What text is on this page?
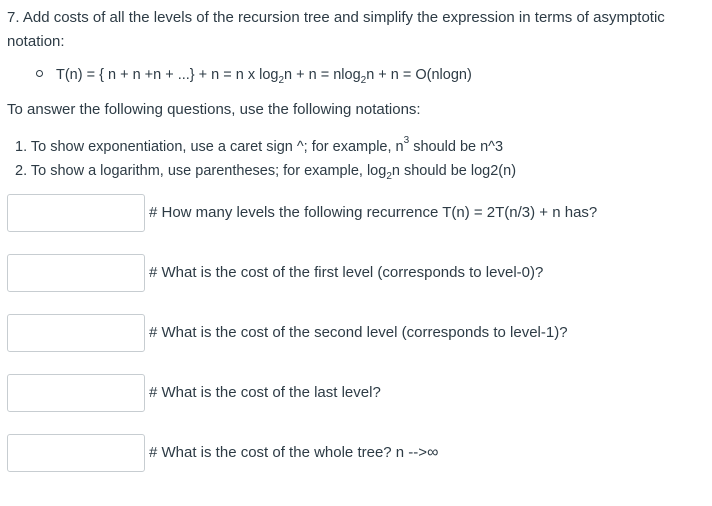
7. Add costs of all the levels of the recursion tree and simplify the expression in terms of asymptotic notation:
T(n) = { n + n +n + ...} + n = n x $\log_2n + n = nlog_2n + n = O(nlogn)$
To answer the following questions, use the following notations:
1. To show exponentiation, use a caret sign ^; for example, $n^3$ should be n^3
2. To show a logarithm, use parentheses; for example, $\log_2n$ should be log2(n)
# How many levels the following recurrence T(n) = 2T(n/3) + n has?
# What is the cost of the first level (corresponds to level-0)?
# What is the cost of the second level (corresponds to level-1)?
# What is the cost of the last level?
# What is the cost of the whole tree? n -->∞
